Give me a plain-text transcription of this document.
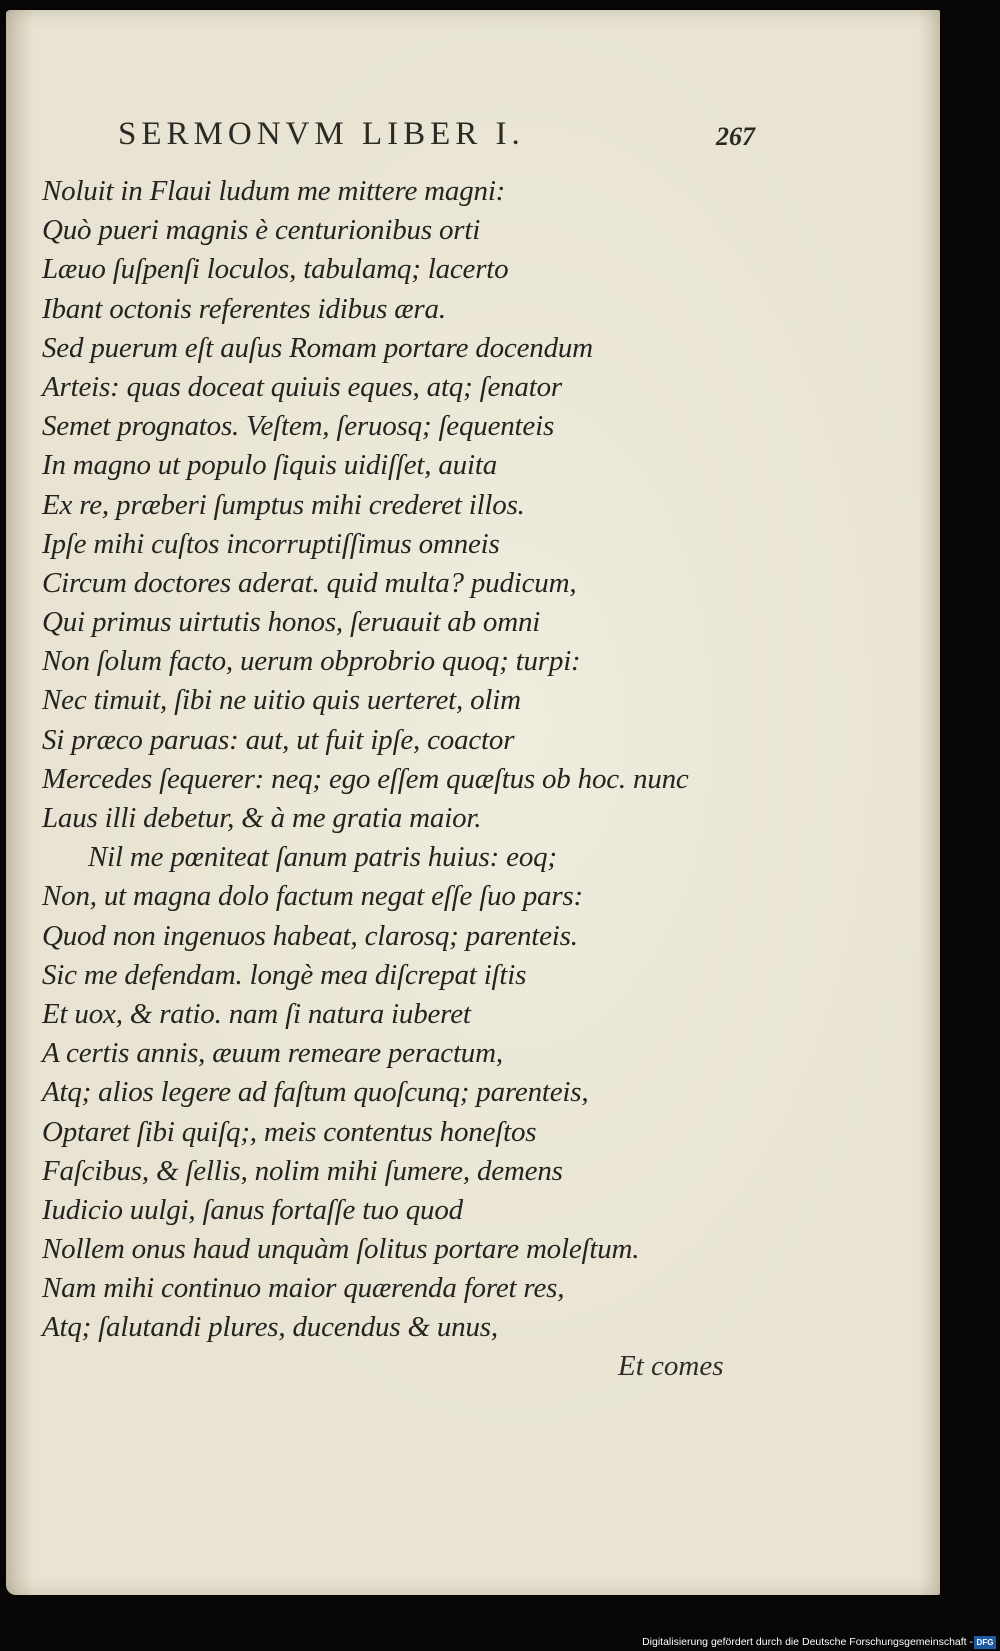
SERMONVM LIBER I.	267
Noluit in Flaui ludum me mittere magni:
Quò pueri magnis è centurionibus orti
Læuo ſuſpenſi loculos, tabulamq; lacerto
Ibant octonis referentes idibus æra.
Sed puerum eſt auſus Romam portare docendum
Arteis: quas doceat quiuis eques, atq; ſenator
Semet prognatos. Veſtem, ſeruosq; ſequenteis
In magno ut populo ſiquis uidiſſet, auita
Ex re, præberi ſumptus mihi crederet illos.
Ipſe mihi cuſtos incorruptiſſimus omneis
Circum doctores aderat. quid multa? pudicum,
Qui primus uirtutis honos, ſeruauit ab omni
Non ſolum facto, uerum obprobrio quoq; turpi:
Nec timuit, ſibi ne uitio quis uerteret, olim
Si præco paruas: aut, ut fuit ipſe, coactor
Mercedes ſequerer: neq; ego eſſem quæſtus ob hoc. nunc
Laus illi debetur, & à me gratia maior.
Nil me pœniteat ſanum patris huius: eoq;
Non, ut magna dolo factum negat eſſe ſuo pars:
Quod non ingenuos habeat, clarosq; parenteis.
Sic me defendam. longè mea diſcrepat iſtis
Et uox, & ratio. nam ſi natura iuberet
A certis annis, æuum remeare peractum,
Atq; alios legere ad faſtum quoſcunq; parenteis,
Optaret ſibi quiſq;, meis contentus honeſtos
Faſcibus, & ſellis, nolim mihi ſumere, demens
Iudicio uulgi, ſanus fortaſſe tuo quod
Nollem onus haud unquàm ſolitus portare moleſtum.
Nam mihi continuo maior quærenda foret res,
Atq; ſalutandi plures, ducendus & unus,
Et comes
Digitalisierung gefördert durch die Deutsche Forschungsgemeinschaft - DFG
